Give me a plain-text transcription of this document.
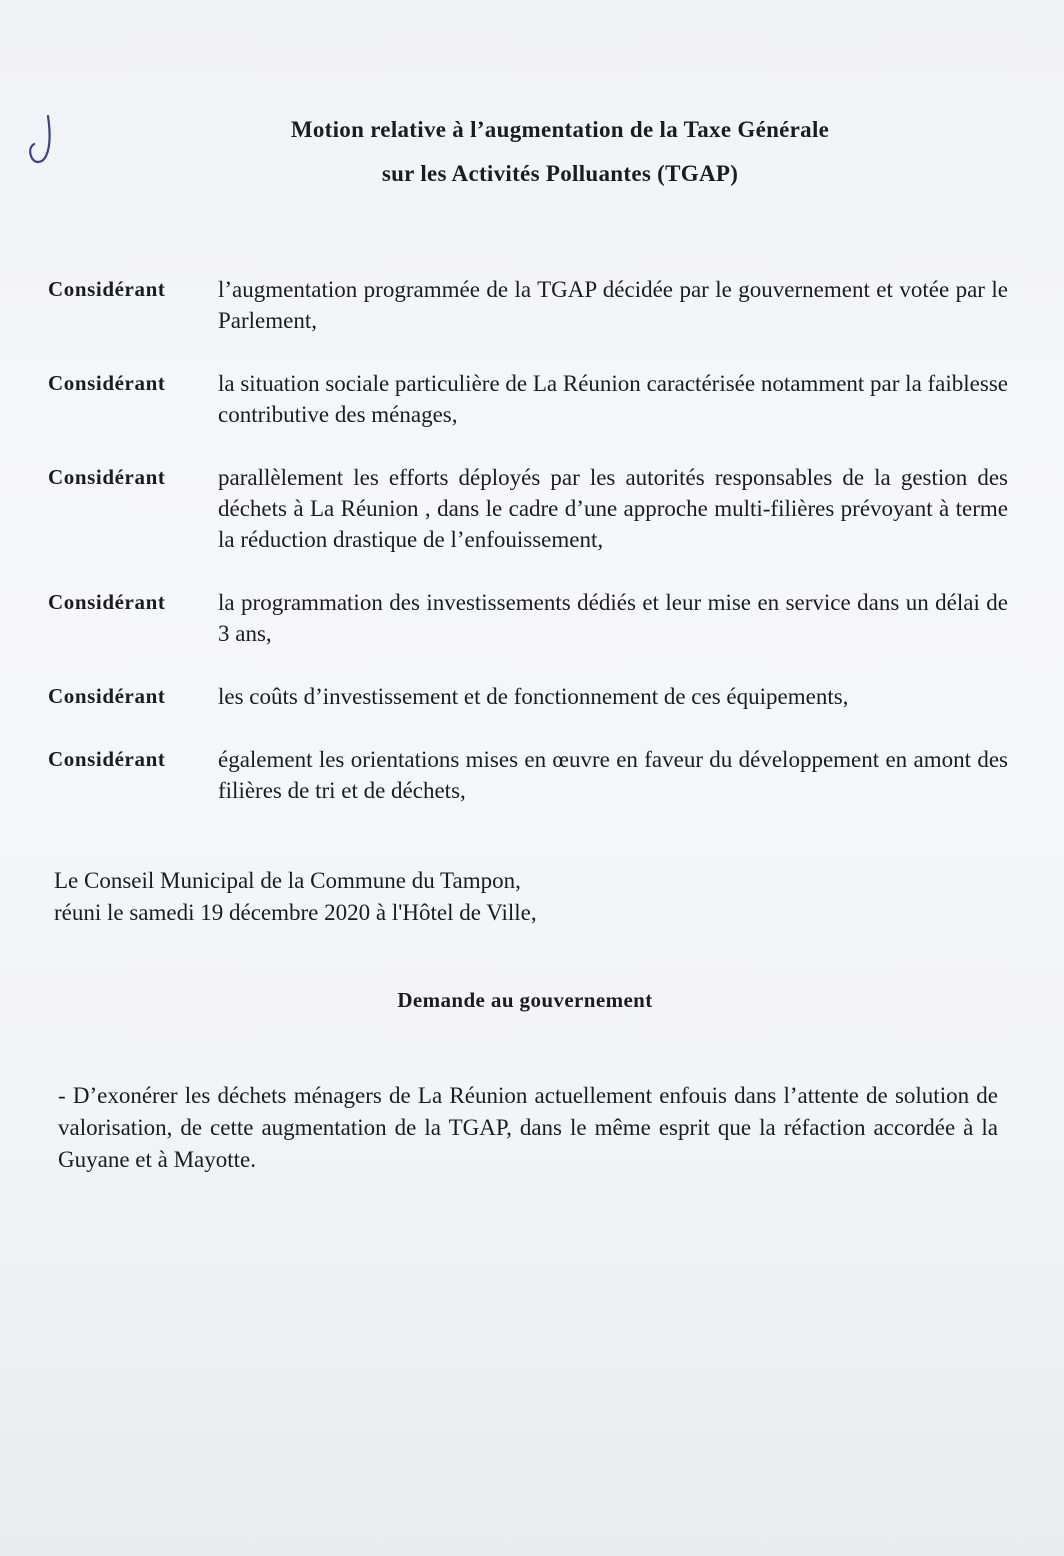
Motion relative à l’augmentation de la Taxe Générale
sur les Activités Polluantes (TGAP)
Considérant	l’augmentation programmée de la TGAP décidée par le gouvernement et votée par le Parlement,
Considérant	la situation sociale particulière de La Réunion caractérisée notamment par la faiblesse contributive des ménages,
Considérant	parallèlement les efforts déployés par les autorités responsables de la gestion des déchets à La Réunion , dans le cadre d’une approche multi-filières prévoyant à terme la réduction drastique de l’enfouissement,
Considérant	la programmation des investissements dédiés et leur mise en service dans un délai de 3 ans,
Considérant	les coûts d’investissement et de fonctionnement de ces équipements,
Considérant	également les orientations mises en œuvre en faveur du développement en amont des filières de tri et de déchets,
Le Conseil Municipal de la Commune du Tampon,
réuni le samedi 19 décembre 2020 à l'Hôtel de Ville,
Demande au gouvernement
- D’exonérer les déchets ménagers de La Réunion actuellement enfouis dans l’attente de solution de valorisation, de cette augmentation de la TGAP, dans le même esprit que la réfaction accordée à la Guyane et à Mayotte.
